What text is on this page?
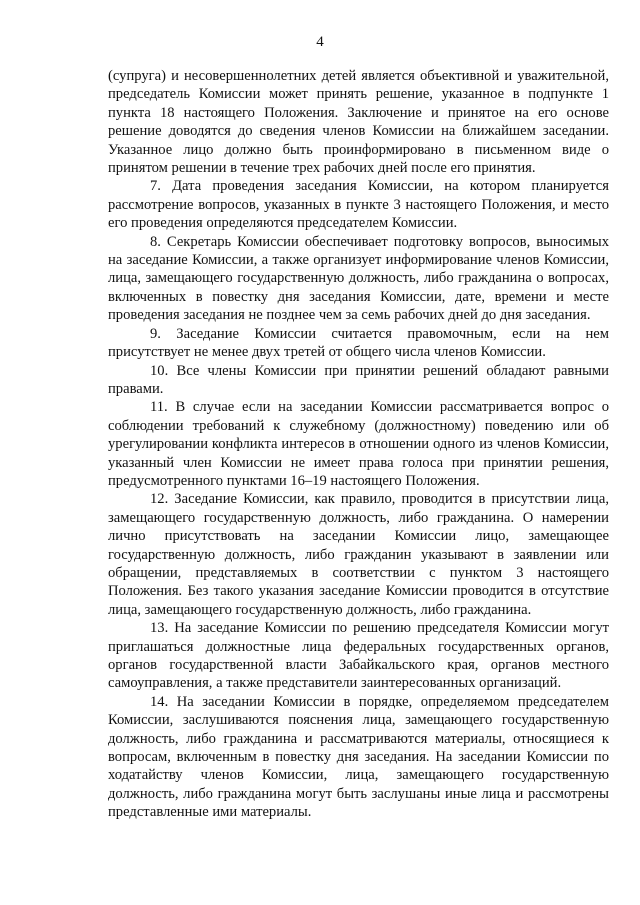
4

(супруга) и несовершеннолетних детей является объективной и уважительной, председатель Комиссии может принять решение, указанное в подпункте 1 пункта 18 настоящего Положения. Заключение и принятое на его основе решение доводятся до сведения членов Комиссии на ближайшем заседании. Указанное лицо должно быть проинформировано в письменном виде о принятом решении в течение трех рабочих дней после его принятия.

7. Дата проведения заседания Комиссии, на котором планируется рассмотрение вопросов, указанных в пункте 3 настоящего Положения, и место его проведения определяются председателем Комиссии.

8. Секретарь Комиссии обеспечивает подготовку вопросов, выносимых на заседание Комиссии, а также организует информирование членов Комиссии, лица, замещающего государственную должность, либо гражданина о вопросах, включенных в повестку дня заседания Комиссии, дате, времени и месте проведения заседания не позднее чем за семь рабочих дней до дня заседания.

9. Заседание Комиссии считается правомочным, если на нем присутствует не менее двух третей от общего числа членов Комиссии.

10. Все члены Комиссии при принятии решений обладают равными правами.

11. В случае если на заседании Комиссии рассматривается вопрос о соблюдении требований к служебному (должностному) поведению или об урегулировании конфликта интересов в отношении одного из членов Комиссии, указанный член Комиссии не имеет права голоса при принятии решения, предусмотренного пунктами 16–19 настоящего Положения.

12. Заседание Комиссии, как правило, проводится в присутствии лица, замещающего государственную должность, либо гражданина. О намерении лично присутствовать на заседании Комиссии лицо, замещающее государственную должность, либо гражданин указывают в заявлении или обращении, представляемых в соответствии с пунктом 3 настоящего Положения. Без такого указания заседание Комиссии проводится в отсутствие лица, замещающего государственную должность, либо гражданина.

13. На заседание Комиссии по решению председателя Комиссии могут приглашаться должностные лица федеральных государственных органов, органов государственной власти Забайкальского края, органов местного самоуправления, а также представители заинтересованных организаций.

14. На заседании Комиссии в порядке, определяемом председателем Комиссии, заслушиваются пояснения лица, замещающего государственную должность, либо гражданина и рассматриваются материалы, относящиеся к вопросам, включенным в повестку дня заседания. На заседании Комиссии по ходатайству членов Комиссии, лица, замещающего государственную должность, либо гражданина могут быть заслушаны иные лица и рассмотрены представленные ими материалы.
